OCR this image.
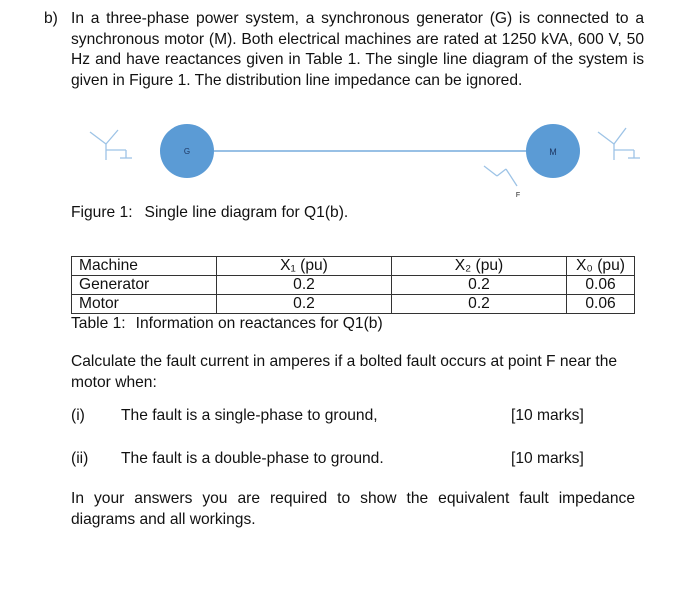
b) In a three-phase power system, a synchronous generator (G) is connected to a synchronous motor (M). Both electrical machines are rated at 1250 kVA, 600 V, 50 Hz and have reactances given in Table 1. The single line diagram of the system is given in Figure 1. The distribution line impedance can be ignored.
G	M
F
Figure 1: Single line diagram for Q1(b).
Machine	X₁ (pu)	X₂ (pu)	X₀ (pu)
Generator	0.2	0.2	0.06
Motor	0.2	0.2	0.06
Table 1: Information on reactances for Q1(b)
Calculate the fault current in amperes if a bolted fault occurs at point F near the motor when:
(i) The fault is a single-phase to ground,	[10 marks]
(ii) The fault is a double-phase to ground.	[10 marks]
In your answers you are required to show the equivalent fault impedance diagrams and all workings.
